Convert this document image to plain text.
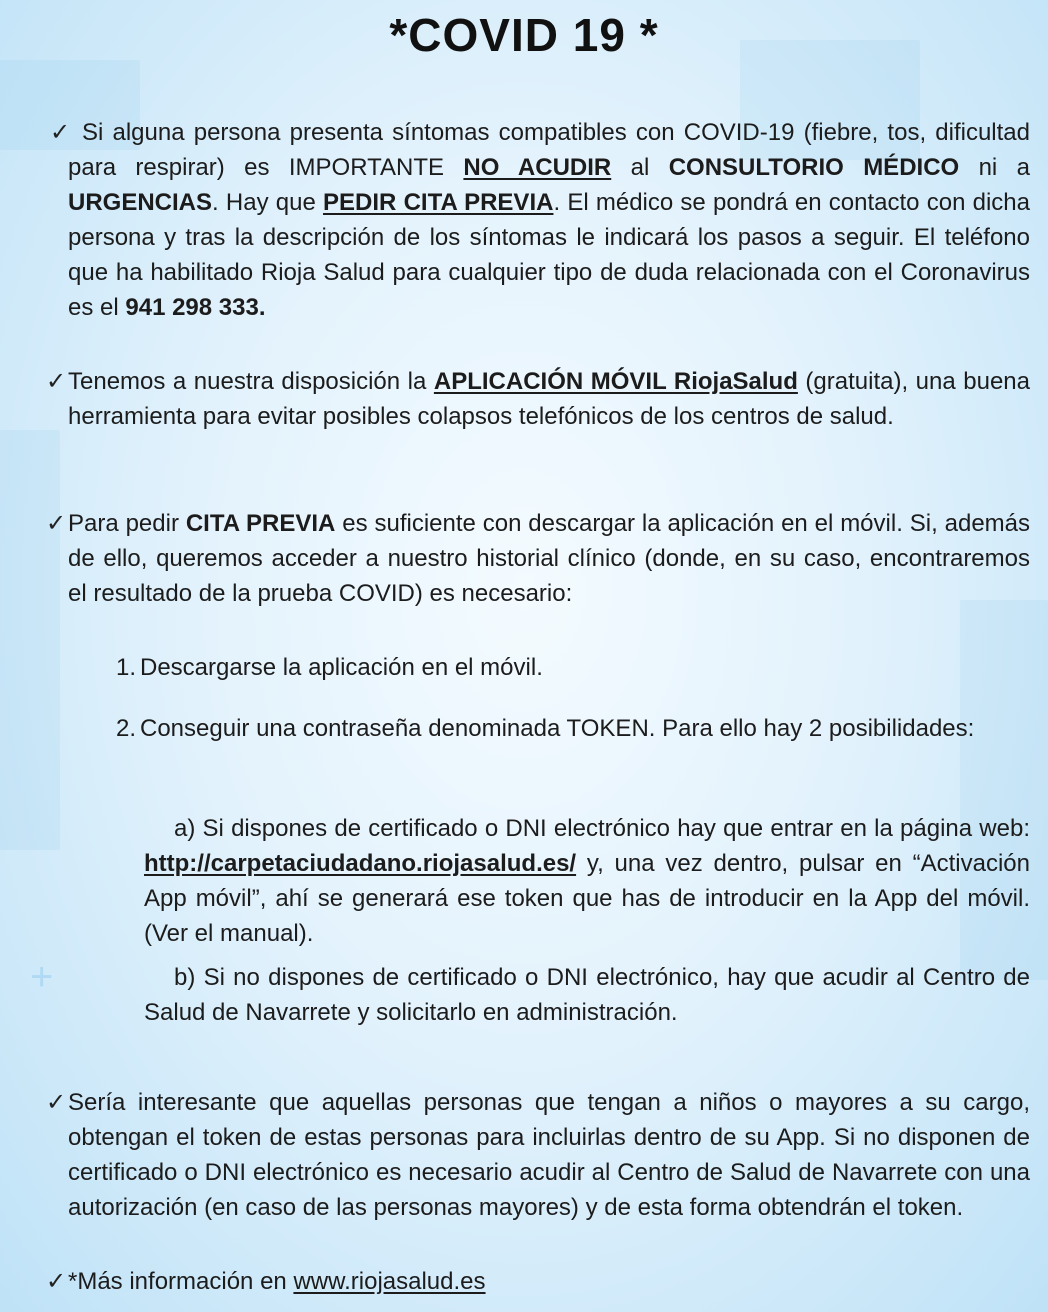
+
*COVID 19 *
✓ Si alguna persona presenta síntomas compatibles con COVID-19 (fiebre, tos, dificultad para respirar) es IMPORTANTE NO ACUDIR al CONSULTORIO MÉDICO ni a URGENCIAS. Hay que PEDIR CITA PREVIA. El médico se pondrá en contacto con dicha persona y tras la descripción de los síntomas le indicará los pasos a seguir. El teléfono que ha habilitado Rioja Salud para cualquier tipo de duda relacionada con el Coronavirus es el 941 298 333.
✓ Tenemos a nuestra disposición la APLICACIÓN MÓVIL RiojaSalud (gratuita), una buena herramienta para evitar posibles colapsos telefónicos de los centros de salud.
✓ Para pedir CITA PREVIA es suficiente con descargar la aplicación en el móvil. Si, además de ello, queremos acceder a nuestro historial clínico (donde, en su caso, encontraremos el resultado de la prueba COVID) es necesario:
1. Descargarse la aplicación en el móvil.
2. Conseguir una contraseña denominada TOKEN. Para ello hay 2 posibilidades:
a) Si dispones de certificado o DNI electrónico hay que entrar en la página web: http://carpetaciudadano.riojasalud.es/ y, una vez dentro, pulsar en “Activación App móvil”, ahí se generará ese token que has de introducir en la App del móvil. (Ver el manual).
b) Si no dispones de certificado o DNI electrónico, hay que acudir al Centro de Salud de Navarrete y solicitarlo en administración.
✓ Sería interesante que aquellas personas que tengan a niños o mayores a su cargo, obtengan el token de estas personas para incluirlas dentro de su App. Si no disponen de certificado o DNI electrónico es necesario acudir al Centro de Salud de Navarrete con una autorización (en caso de las personas mayores) y de esta forma obtendrán el token.
✓ *Más información en www.riojasalud.es
